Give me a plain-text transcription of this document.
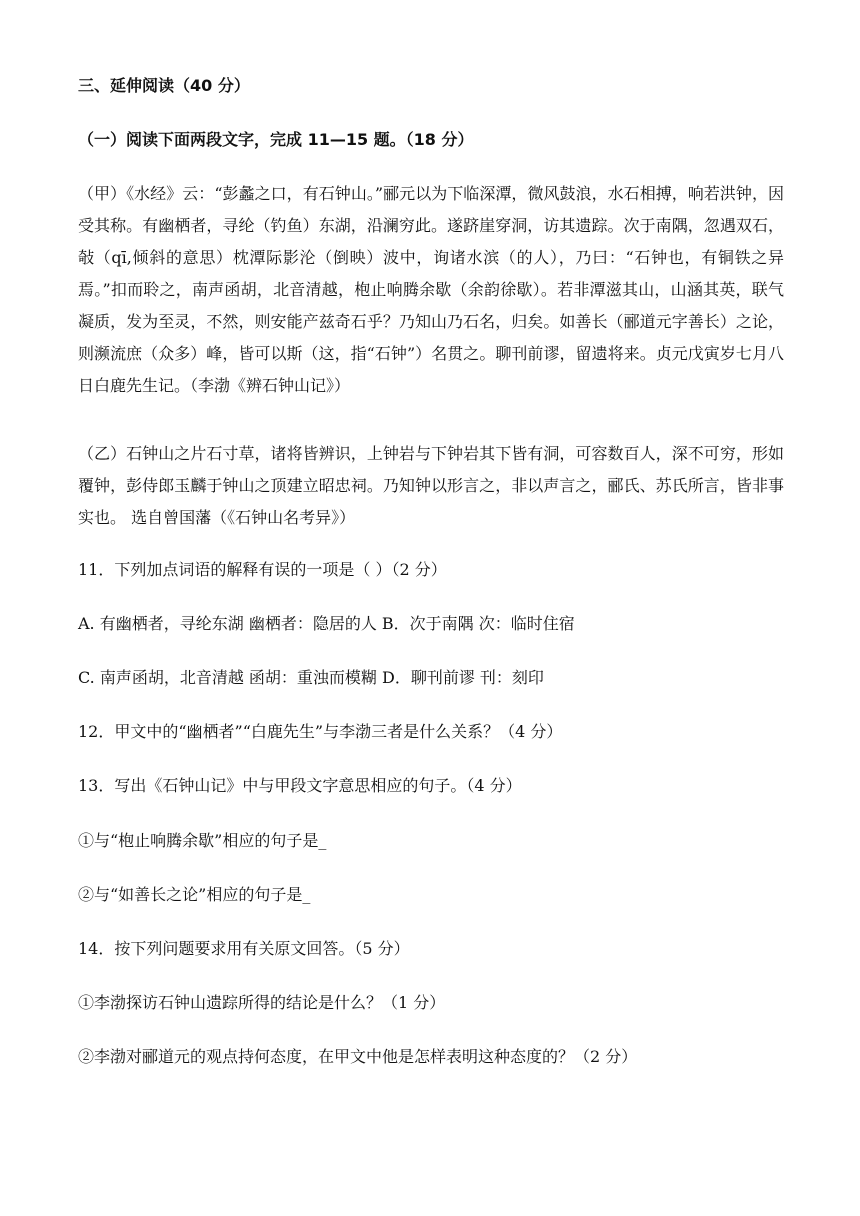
三、延伸阅读（40 分）
（一）阅读下面两段文字，完成 11—15 题。（18 分）
（甲）《水经》云：“彭蠡之口，有石钟山。”郦元以为下临深潭，微风鼓浪，水石相搏，响若洪钟，因受其称。有幽栖者，寻纶（钓鱼）东湖，沿澜穷此。遂跻崖穿洞，访其遗踪。次于南隅，忽遇双石，敧（qī,倾斜的意思）枕潭际影沦（倒映）波中，询诸水滨（的人），乃曰：“石钟也，有铜铁之异焉。”扣而聆之，南声函胡，北音清越，枹止响腾余歇（余韵徐歇）。若非潭滋其山，山涵其英，联气凝质，发为至灵，不然，则安能产兹奇石乎？乃知山乃石名，归矣。如善长（郦道元字善长）之论，则濒流庶（众多）峰，皆可以斯（这，指“石钟”）名贯之。聊刊前谬，留遗将来。贞元戊寅岁七月八日白鹿先生记。（李渤《辨石钟山记》）
（乙）石钟山之片石寸草，诸将皆辨识，上钟岩与下钟岩其下皆有洞，可容数百人，深不可穷，形如覆钟，彭侍郎玉麟于钟山之顶建立昭忠祠。乃知钟以形言之，非以声言之，郦氏、苏氏所言，皆非事实也。 选自曾国藩（《石钟山名考异》）
11．下列加点词语的解释有误的一项是（ ）（2 分）
A. 有幽栖者，寻纶东湖 幽栖者：隐居的人 B．次于南隅 次：临时住宿
C. 南声函胡，北音清越 函胡：重浊而模糊 D．聊刊前谬 刊：刻印
12．甲文中的“幽栖者”“白鹿先生”与李渤三者是什么关系？（4 分）
13．写出《石钟山记》中与甲段文字意思相应的句子。（4 分）
①与“枹止响腾余歇”相应的句子是_
②与“如善长之论”相应的句子是_
14．按下列问题要求用有关原文回答。（5 分）
①李渤探访石钟山遗踪所得的结论是什么？（1 分）
②李渤对郦道元的观点持何态度，在甲文中他是怎样表明这种态度的？（2 分）
